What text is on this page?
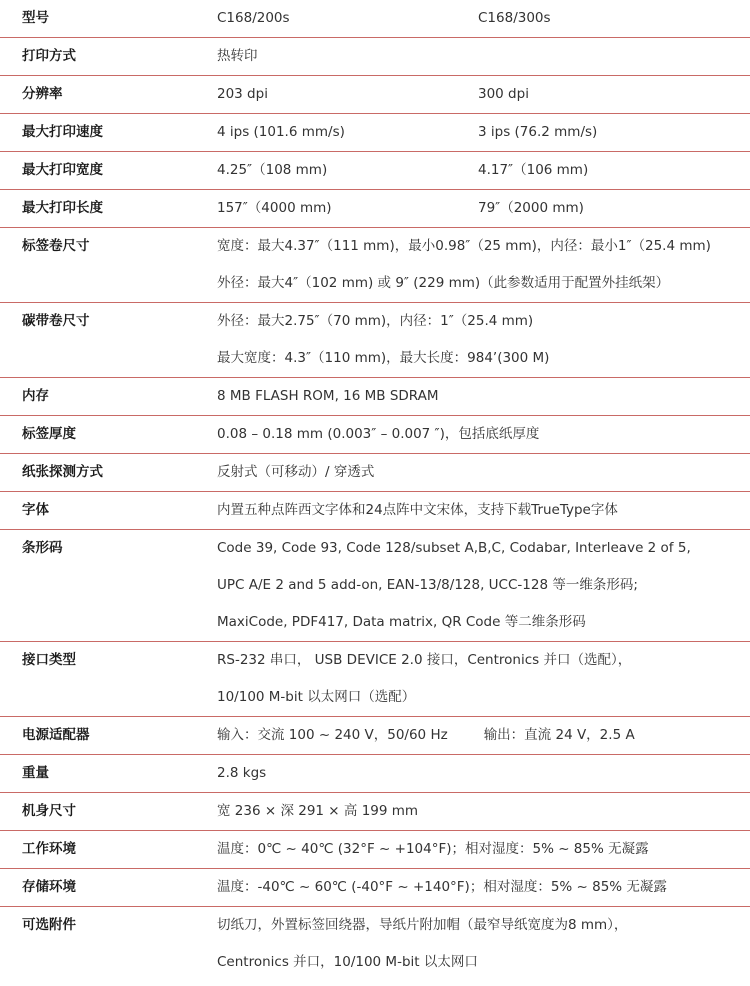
型号	C168/200s	C168/300s
打印方式	热转印
分辨率	203 dpi	300 dpi
最大打印速度	4 ips (101.6 mm/s)	3 ips (76.2 mm/s)
最大打印宽度	4.25″（108 mm)	4.17″（106 mm)
最大打印长度	157″（4000 mm)	79″（2000 mm)
标签卷尺寸	宽度：最大4.37″（111 mm)，最小0.98″（25 mm)，内径：最小1″（25.4 mm)
外径：最大4″（102 mm) 或 9″ (229 mm)（此参数适用于配置外挂纸架）
碳带卷尺寸	外径：最大2.75″（70 mm)，内径：1″（25.4 mm)
最大宽度：4.3″（110 mm)，最大长度：984’(300 M)
内存	8 MB FLASH ROM, 16 MB SDRAM
标签厚度	0.08 – 0.18 mm (0.003″ – 0.007 ″)，包括底纸厚度
纸张探测方式	反射式（可移动）/ 穿透式
字体	内置五种点阵西文字体和24点阵中文宋体，支持下载TrueType字体
条形码	Code 39, Code 93, Code 128/subset A,B,C, Codabar, Interleave 2 of 5,
UPC A/E 2 and 5 add-on, EAN-13/8/128, UCC-128 等一维条形码;
MaxiCode, PDF417, Data matrix, QR Code 等二维条形码
接口类型	RS-232 串口， USB DEVICE 2.0 接口，Centronics 并口（选配），
10/100 M-bit 以太网口（选配）
电源适配器	输入：交流 100 ~ 240 V，50/60 Hz	输出：直流 24 V，2.5 A
重量	2.8 kgs
机身尺寸	宽 236 × 深 291 × 高 199 mm
工作环境	温度：0℃ ~ 40℃ (32°F ~ +104°F)；相对湿度：5% ~ 85% 无凝露
存储环境	温度：-40℃ ~ 60℃ (-40°F ~ +140°F)；相对湿度：5% ~ 85% 无凝露
可选附件	切纸刀，外置标签回绕器，导纸片附加帽（最窄导纸宽度为8 mm），
Centronics 并口，10/100 M-bit 以太网口
